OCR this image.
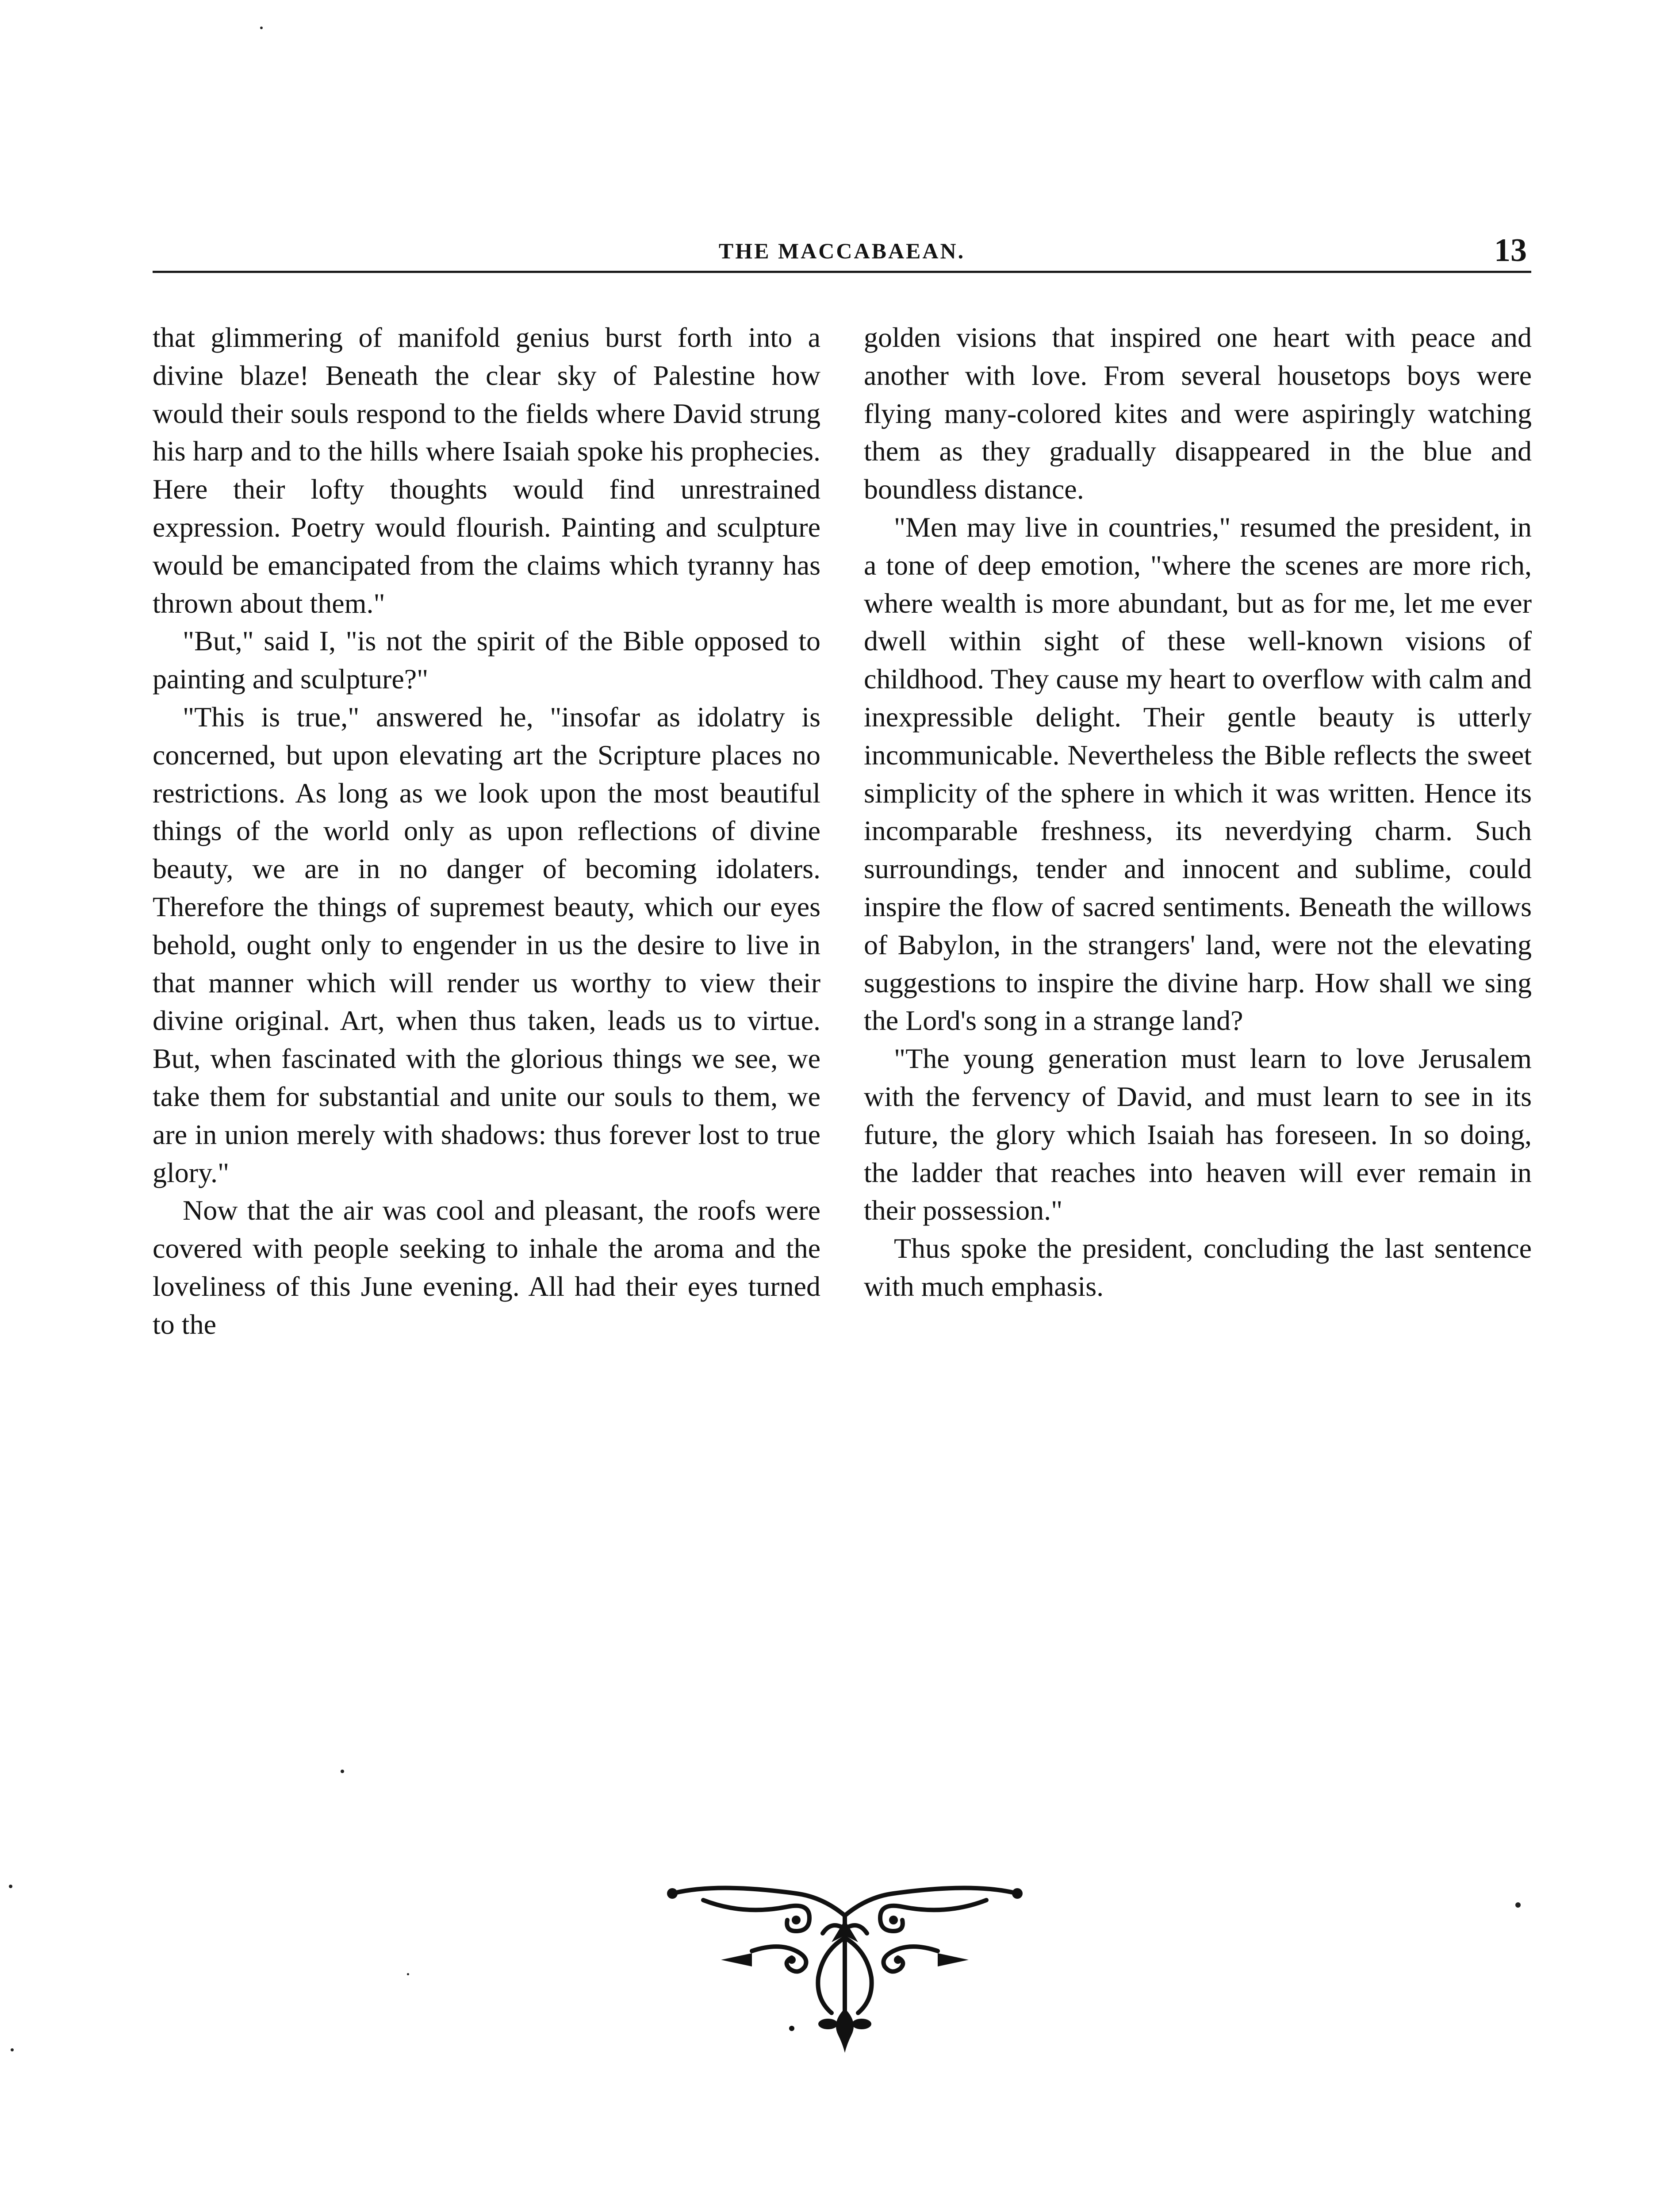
THE MACCABAEAN.	13

that glimmering of manifold genius burst forth into a divine blaze! Beneath the clear sky of Palestine how would their souls respond to the fields where David strung his harp and to the hills where Isaiah spoke his prophecies. Here their lofty thoughts would find unrestrained expression. Poetry would flourish. Painting and sculpture would be emancipated from the claims which tyranny has thrown about them."

"But," said I, "is not the spirit of the Bible opposed to painting and sculpture?"

"This is true," answered he, "insofar as idolatry is concerned, but upon elevating art the Scripture places no restrictions. As long as we look upon the most beautiful things of the world only as upon reflections of divine beauty, we are in no danger of becoming idolaters. Therefore the things of supremest beauty, which our eyes behold, ought only to engender in us the desire to live in that manner which will render us worthy to view their divine original. Art, when thus taken, leads us to virtue. But, when fascinated with the glorious things we see, we take them for substantial and unite our souls to them, we are in union merely with shadows: thus forever lost to true glory."

Now that the air was cool and pleasant, the roofs were covered with people seeking to inhale the aroma and the loveliness of this June evening. All had their eyes turned to the

golden visions that inspired one heart with peace and another with love. From several housetops boys were flying many-colored kites and were aspiringly watching them as they gradually disappeared in the blue and boundless distance.

"Men may live in countries," resumed the president, in a tone of deep emotion, "where the scenes are more rich, where wealth is more abundant, but as for me, let me ever dwell within sight of these well-known visions of childhood. They cause my heart to overflow with calm and inexpressible delight. Their gentle beauty is utterly incommunicable. Nevertheless the Bible reflects the sweet simplicity of the sphere in which it was written. Hence its incomparable freshness, its neverdying charm. Such surroundings, tender and innocent and sublime, could inspire the flow of sacred sentiments. Beneath the willows of Babylon, in the strangers' land, were not the elevating suggestions to inspire the divine harp. How shall we sing the Lord's song in a strange land?

"The young generation must learn to love Jerusalem with the fervency of David, and must learn to see in its future, the glory which Isaiah has foreseen. In so doing, the ladder that reaches into heaven will ever remain in their possession."

Thus spoke the president, concluding the last sentence with much emphasis.
